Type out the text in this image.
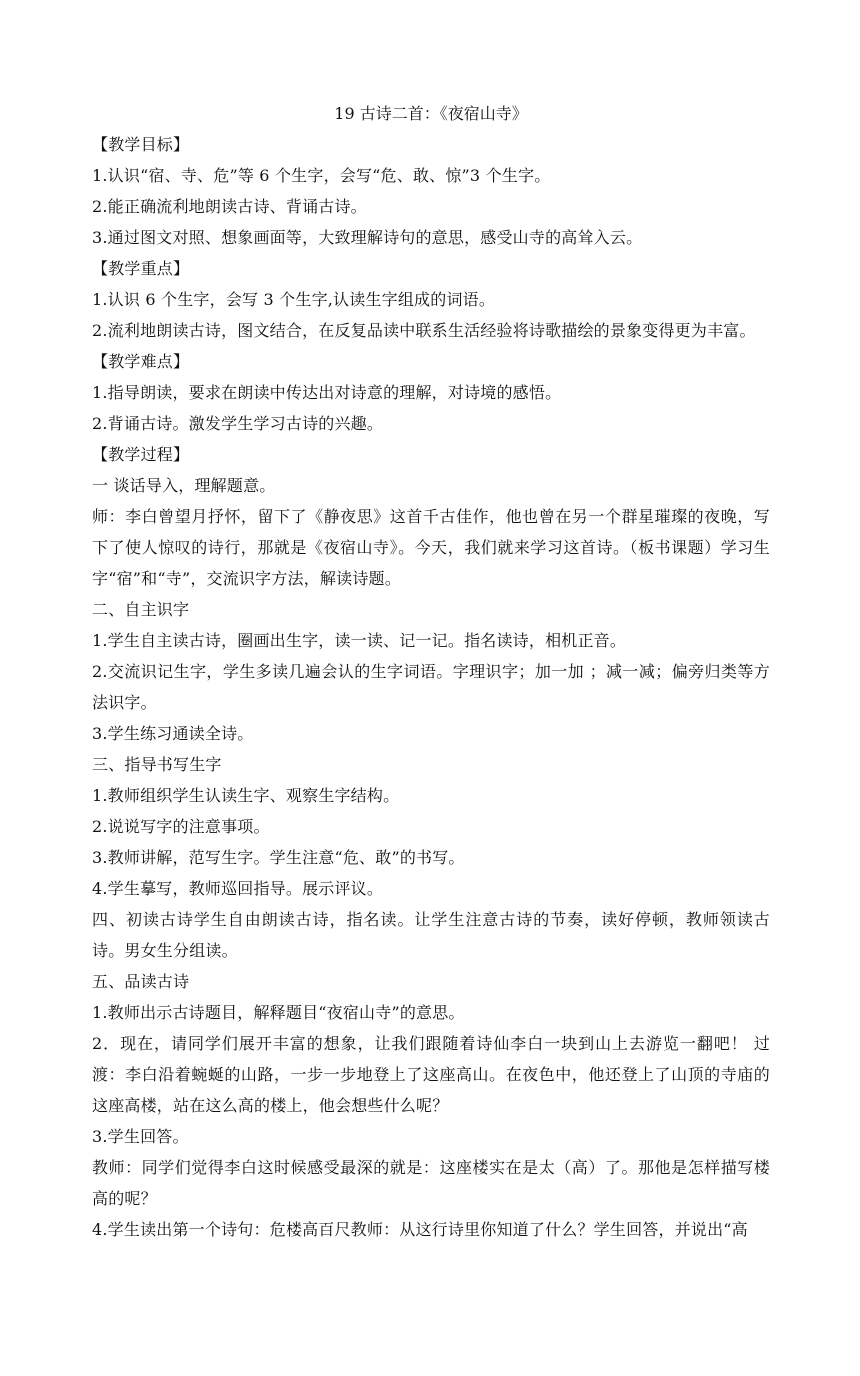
19 古诗二首：《夜宿山寺》
【教学目标】
1.认识“宿、寺、危”等 6 个生字，会写“危、敢、惊”3 个生字。
2.能正确流利地朗读古诗、背诵古诗。
3.通过图文对照、想象画面等，大致理解诗句的意思，感受山寺的高耸入云。
【教学重点】
1.认识 6 个生字，会写 3 个生字,认读生字组成的词语。
2.流利地朗读古诗，图文结合，在反复品读中联系生活经验将诗歌描绘的景象变得更为丰富。
【教学难点】
1.指导朗读，要求在朗读中传达出对诗意的理解，对诗境的感悟。
2.背诵古诗。激发学生学习古诗的兴趣。
【教学过程】
一 谈话导入，理解题意。
师：李白曾望月抒怀，留下了《静夜思》这首千古佳作，他也曾在另一个群星璀璨的夜晚，写下了使人惊叹的诗行，那就是《夜宿山寺》。今天，我们就来学习这首诗。（板书课题）学习生字“宿”和“寺”，交流识字方法，解读诗题。
二、自主识字
1.学生自主读古诗，圈画出生字，读一读、记一记。指名读诗，相机正音。
2.交流识记生字，学生多读几遍会认的生字词语。字理识字；加一加 ；减一减；偏旁归类等方法识字。
3.学生练习通读全诗。
三、指导书写生字
1.教师组织学生认读生字、观察生字结构。
2.说说写字的注意事项。
3.教师讲解，范写生字。学生注意“危、敢”的书写。
4.学生摹写，教师巡回指导。展示评议。
四、初读古诗学生自由朗读古诗，指名读。让学生注意古诗的节奏，读好停顿，教师领读古诗。男女生分组读。
五、品读古诗
1.教师出示古诗题目，解释题目“夜宿山寺”的意思。
2．现在，请同学们展开丰富的想象，让我们跟随着诗仙李白一块到山上去游览一翻吧！ 过渡：李白沿着蜿蜒的山路，一步一步地登上了这座高山。在夜色中，他还登上了山顶的寺庙的这座高楼，站在这么高的楼上，他会想些什么呢？
3.学生回答。
教师：同学们觉得李白这时候感受最深的就是：这座楼实在是太（高）了。那他是怎样描写楼高的呢？
4.学生读出第一个诗句：危楼高百尺教师：从这行诗里你知道了什么？学生回答，并说出“高
